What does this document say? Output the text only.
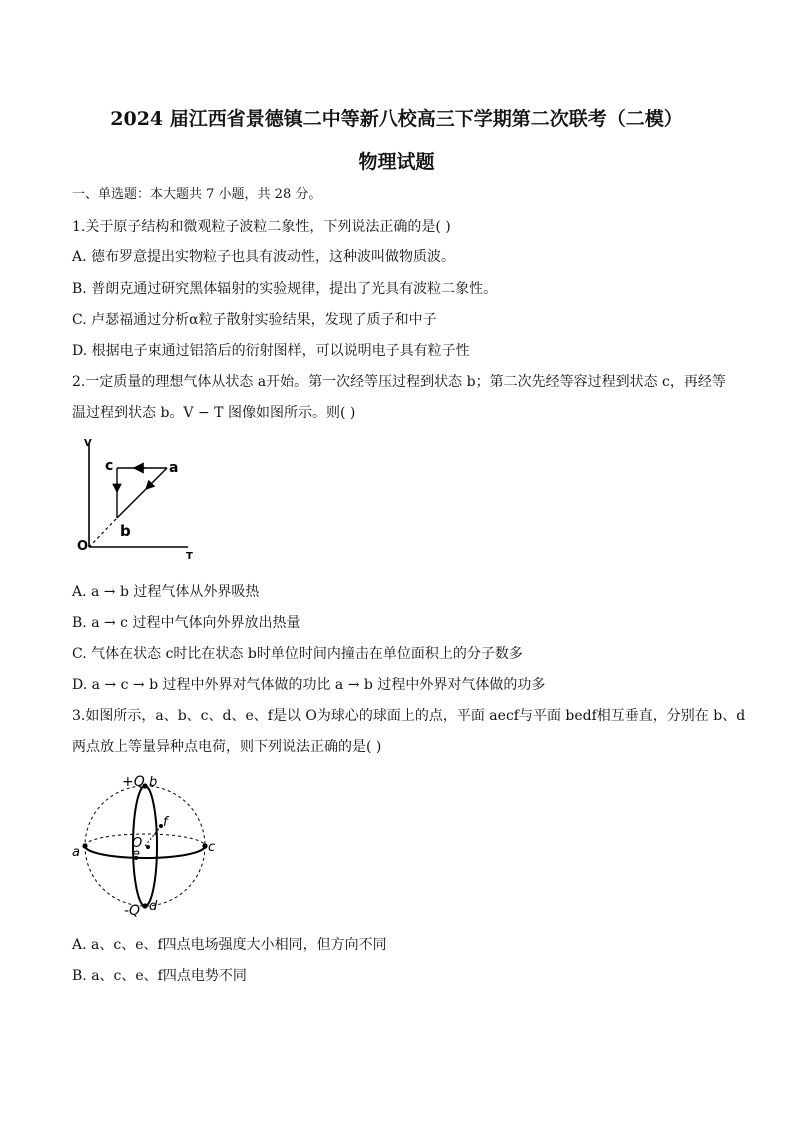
2024 届江西省景德镇二中等新八校高三下学期第二次联考（二模）
物理试题
一、单选题：本大题共 7 小题，共 28 分。
1.关于原子结构和微观粒子波粒二象性，下列说法正确的是( )
A. 德布罗意提出实物粒子也具有波动性，这种波叫做物质波。
B. 普朗克通过研究黑体辐射的实验规律，提出了光具有波粒二象性。
C. 卢瑟福通过分析α粒子散射实验结果，发现了质子和中子
D. 根据电子束通过铝箔后的衍射图样，可以说明电子具有粒子性
2.一定质量的理想气体从状态 a开始。第一次经等压过程到状态 b；第二次先经等容过程到状态 c，再经等
温过程到状态 b。V − T 图像如图所示。则( )
V
T
O
a
c
b
A. a → b 过程气体从外界吸热
B. a → c 过程中气体向外界放出热量
C. 气体在状态 c时比在状态 b时单位时间内撞击在单位面积上的分子数多
D. a → c → b 过程中外界对气体做的功比 a → b 过程中外界对气体做的功多
3.如图所示，a、b、c、d、e、f是以 O为球心的球面上的点，平面 aecf与平面 bedf相互垂直，分别在 b、d
两点放上等量异种点电荷，则下列说法正确的是( )
+Q b
f
O
a	e	c
-Q d
A. a、c、e、f四点电场强度大小相同，但方向不同
B. a、c、e、f四点电势不同
